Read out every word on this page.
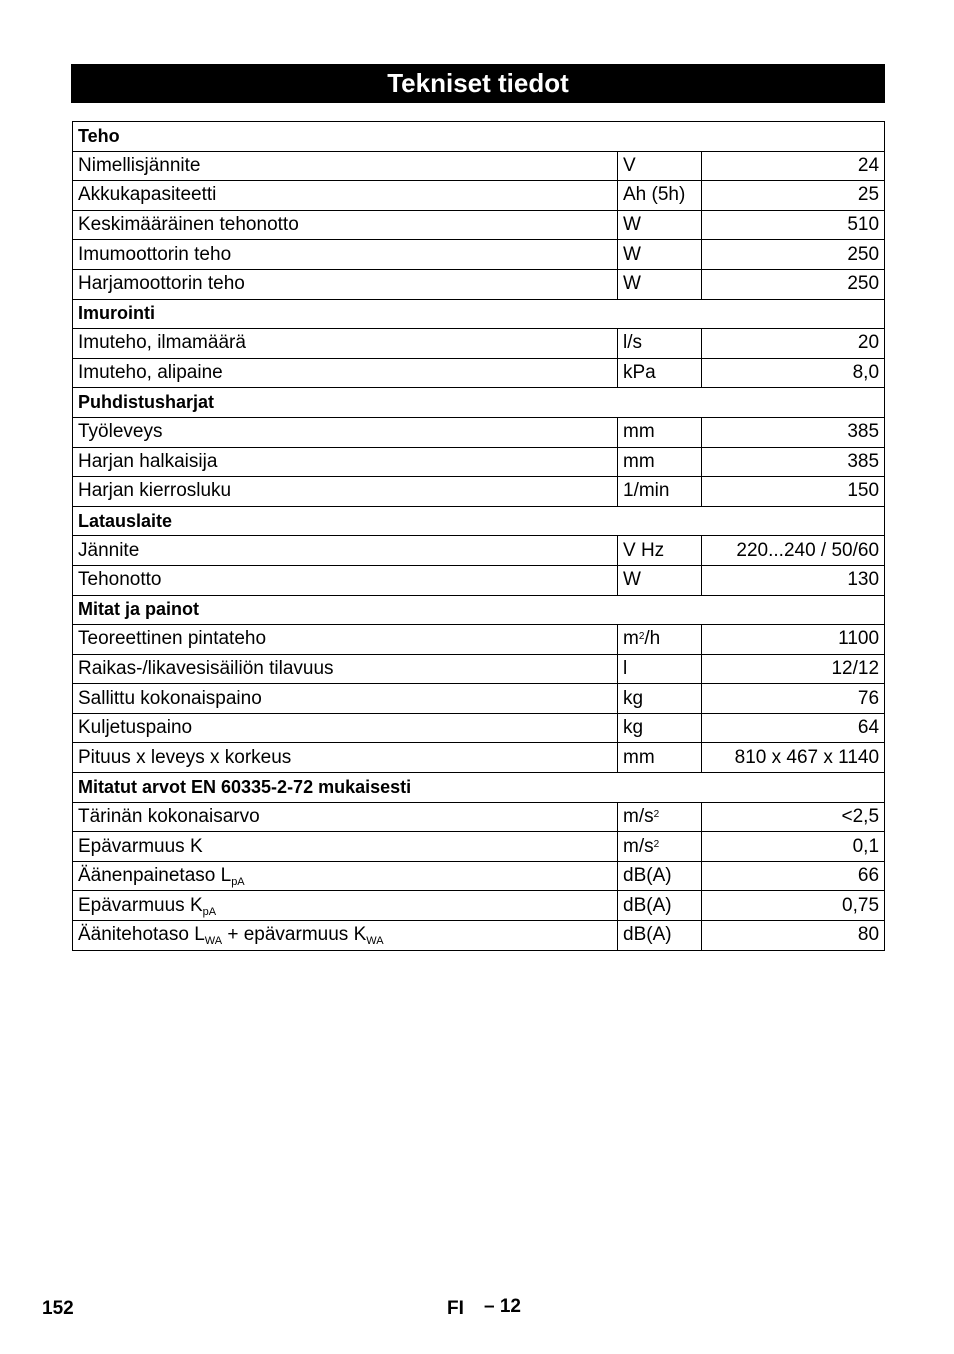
Tekniset tiedot
Teho		
Nimellisjännite	V	24
Akkukapasiteetti	Ah (5h)	25
Keskimääräinen tehonotto	W	510
Imumoottorin teho	W	250
Harjamoottorin teho	W	250
Imurointi		
Imuteho, ilmamäärä	l/s	20
Imuteho, alipaine	kPa	8,0
Puhdistusharjat		
Työleveys	mm	385
Harjan halkaisija	mm	385
Harjan kierrosluku	1/min	150
Latauslaite		
Jännite	V Hz	220...240 / 50/60
Tehonotto	W	130
Mitat ja painot		
Teoreettinen pintateho	$m^2/h$	1100
Raikas-/likavesisäiliön tilavuus	l	12/12
Sallittu kokonaispaino	kg	76
Kuljetuspaino	kg	64
Pituus x leveys x korkeus	mm	810 x 467 x 1140
Mitatut arvot EN 60335-2-72 mukaisesti		
Tärinän kokonaisarvo	$m/s^2$	<2,5
Epävarmuus K	$m/s^2$	0,1
Äänenpainetaso $L_{pA}$	dB(A)	66
Epävarmuus $K_{pA}$	dB(A)	0,75
Äänitehotaso $L_{WA}$ + epävarmuus $K_{WA}$	dB(A)	80
152	FI – 12
